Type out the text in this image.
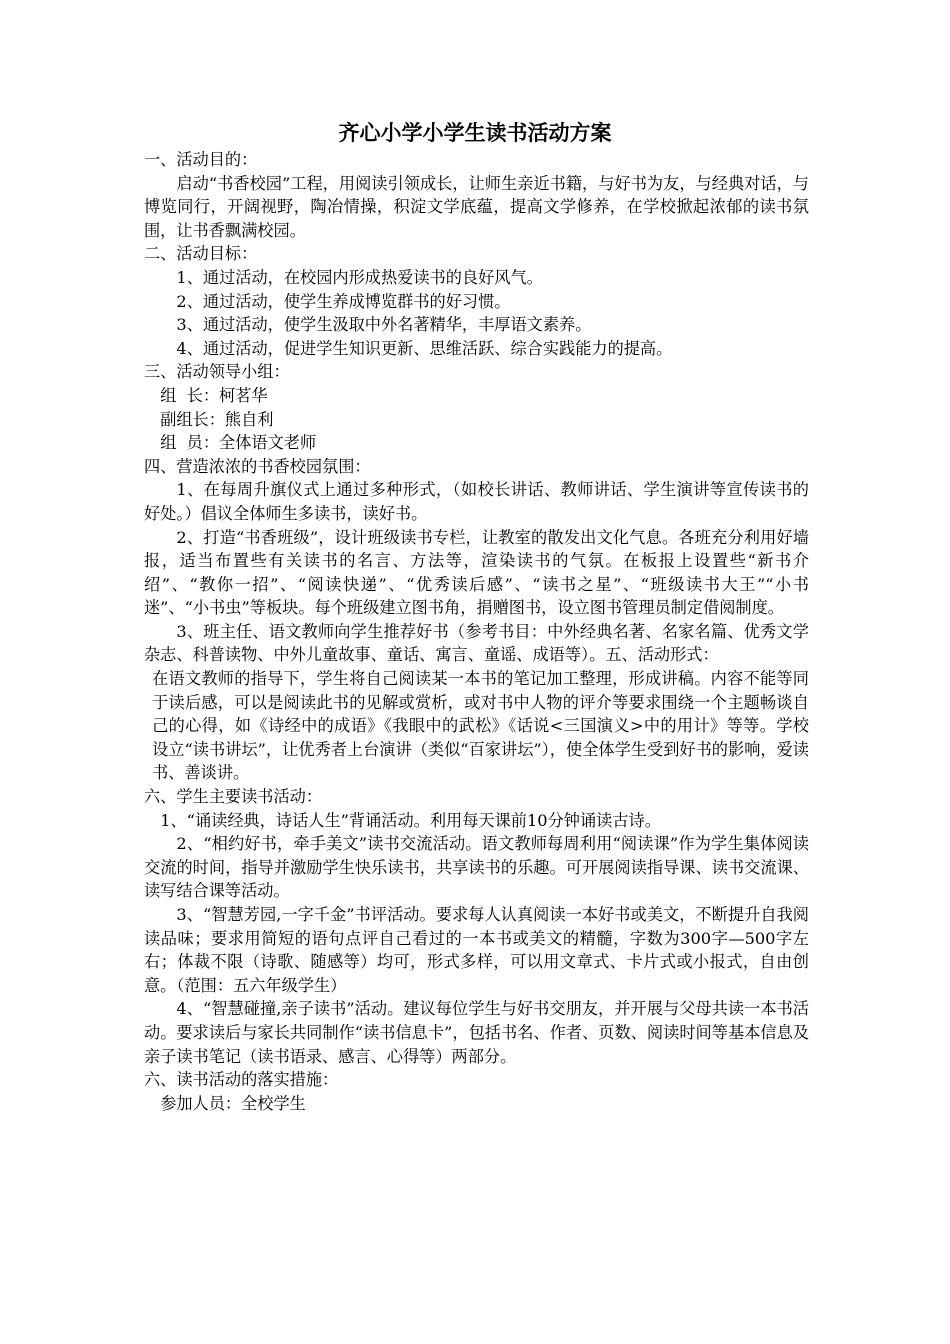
齐心小学小学生读书活动方案

一、活动目的：

启动“书香校园”工程，用阅读引领成长，让师生亲近书籍，与好书为友，与经典对话，与博览同行，开阔视野，陶冶情操，积淀文学底蕴，提高文学修养，在学校掀起浓郁的读书氛围，让书香飘满校园。

二、活动目标：

1、通过活动，在校园内形成热爱读书的良好风气。

2、通过活动，使学生养成博览群书的好习惯。

3、通过活动，使学生汲取中外名著精华，丰厚语文素养。

4、通过活动，促进学生知识更新、思维活跃、综合实践能力的提高。

三、活动领导小组：

组  长：柯茗华

副组长：熊自利

组  员：全体语文老师

四、营造浓浓的书香校园氛围：

1、在每周升旗仪式上通过多种形式，（如校长讲话、教师讲话、学生演讲等宣传读书的好处。）倡议全体师生多读书，读好书。

2、打造“书香班级”，设计班级读书专栏，让教室的散发出文化气息。各班充分利用好墙报，适当布置些有关读书的名言、方法等，渲染读书的气氛。在板报上设置些“新书介绍”、“教你一招”、“阅读快递”、“优秀读后感”、“读书之星”、“班级读书大王”“小书迷”、“小书虫”等板块。每个班级建立图书角，捐赠图书，设立图书管理员制定借阅制度。

3、班主任、语文教师向学生推荐好书（参考书目：中外经典名著、名家名篇、优秀文学杂志、科普读物、中外儿童故事、童话、寓言、童谣、成语等）。五、活动形式：

在语文教师的指导下，学生将自己阅读某一本书的笔记加工整理，形成讲稿。内容不能等同于读后感，可以是阅读此书的见解或赏析，或对书中人物的评介等要求围绕一个主题畅谈自己的心得，如《诗经中的成语》《我眼中的武松》《话说<三国演义>中的用计》等等。学校设立“读书讲坛”，让优秀者上台演讲（类似“百家讲坛”），使全体学生受到好书的影响，爱读书、善谈讲。

六、学生主要读书活动：

1、“诵读经典，诗话人生”背诵活动。利用每天课前10分钟诵读古诗。

2、“相约好书，牵手美文”读书交流活动。语文教师每周利用“阅读课”作为学生集体阅读交流的时间，指导并激励学生快乐读书，共享读书的乐趣。可开展阅读指导课、读书交流课、读写结合课等活动。

3、“智慧芳园,一字千金”书评活动。要求每人认真阅读一本好书或美文，不断提升自我阅读品味；要求用简短的语句点评自己看过的一本书或美文的精髓，字数为300字—500字左右；体裁不限（诗歌、随感等）均可，形式多样，可以用文章式、卡片式或小报式，自由创意。（范围：五六年级学生）

4、“智慧碰撞,亲子读书”活动。建议每位学生与好书交朋友，并开展与父母共读一本书活动。要求读后与家长共同制作“读书信息卡”，包括书名、作者、页数、阅读时间等基本信息及亲子读书笔记（读书语录、感言、心得等）两部分。

六、读书活动的落实措施：

参加人员：全校学生
